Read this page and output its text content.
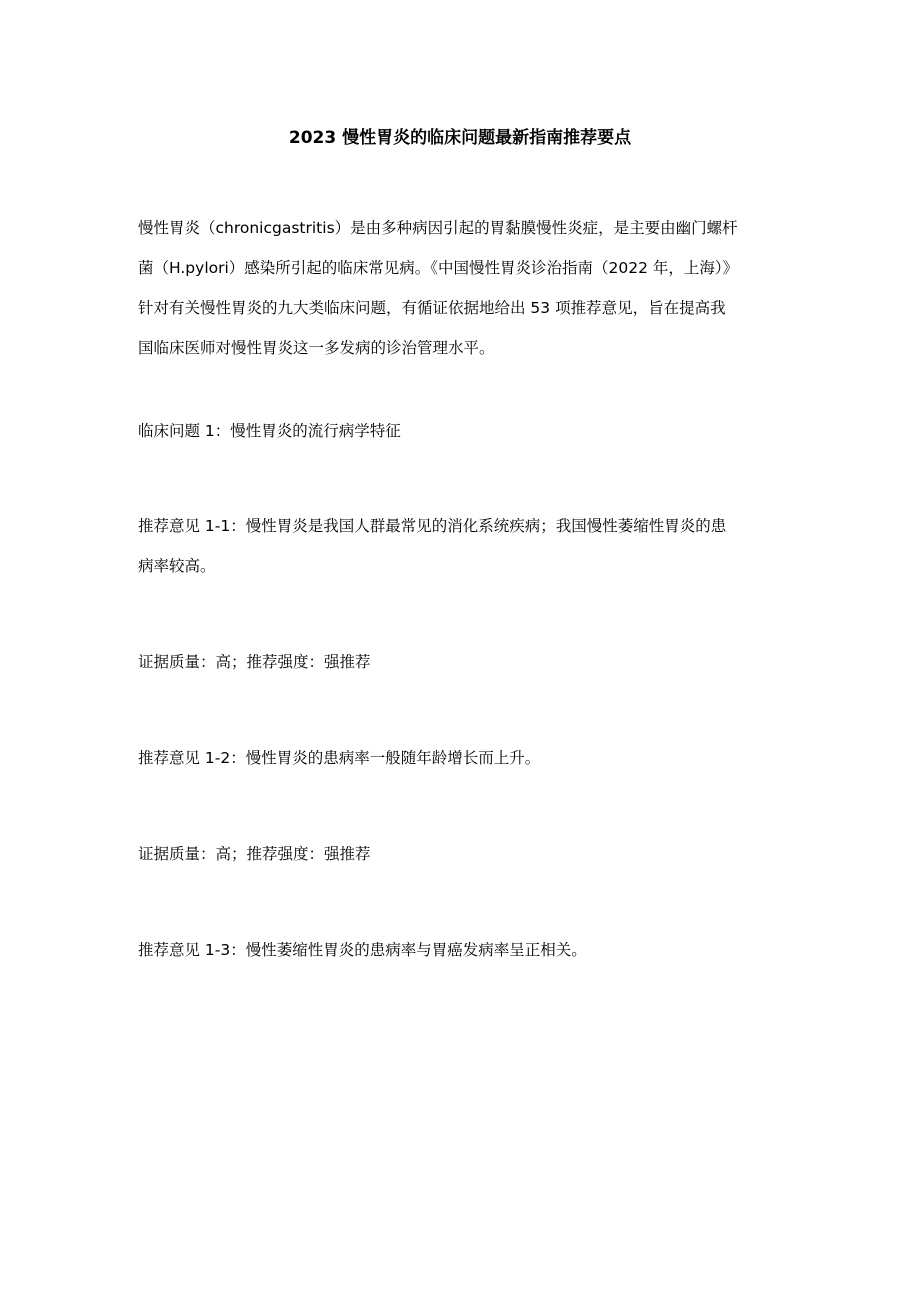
2023 慢性胃炎的临床问题最新指南推荐要点

慢性胃炎（chronicgastritis）是由多种病因引起的胃黏膜慢性炎症，是主要由幽门螺杆
菌（H.pylori）感染所引起的临床常见病。《中国慢性胃炎诊治指南（2022 年，上海）》
针对有关慢性胃炎的九大类临床问题，有循证依据地给出 53 项推荐意见，旨在提高我
国临床医师对慢性胃炎这一多发病的诊治管理水平。

临床问题 1：慢性胃炎的流行病学特征

推荐意见 1-1：慢性胃炎是我国人群最常见的消化系统疾病；我国慢性萎缩性胃炎的患
病率较高。

证据质量：高；推荐强度：强推荐

推荐意见 1-2：慢性胃炎的患病率一般随年龄增长而上升。

证据质量：高；推荐强度：强推荐

推荐意见 1-3：慢性萎缩性胃炎的患病率与胃癌发病率呈正相关。
